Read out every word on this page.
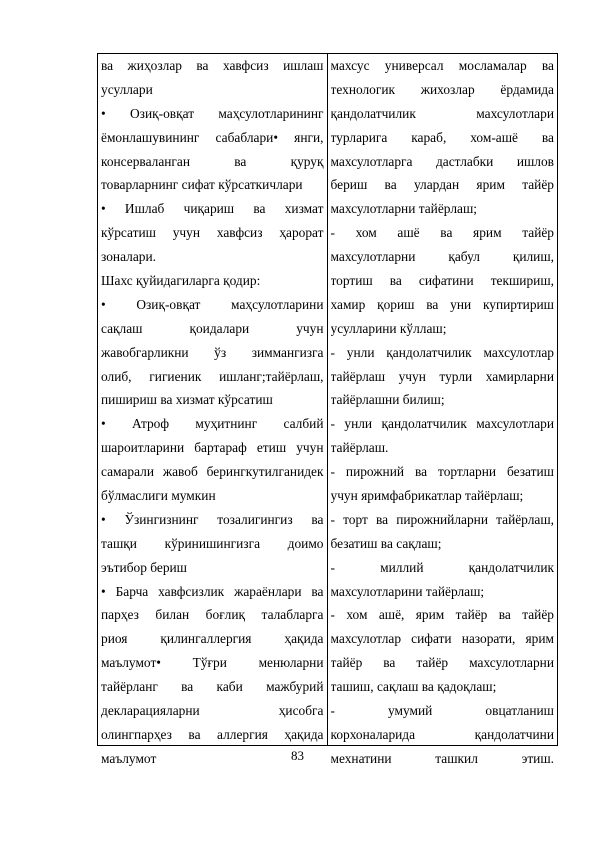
ва жиҳозлар ва хавфсиз ишлаш
усуллари
• Озиқ-овқат маҳсулотларининг
ёмонлашувининг сабаблари• янги,
консерваланган ва қуруқ
товарларнинг сифат кўрсаткичлари
• Ишлаб чиқариш ва хизмат
кўрсатиш учун хавфсиз ҳарорат
зоналари.
Шахс қуйидагиларга қодир:
• Озиқ-овқат маҳсулотларини
сақлаш қоидалари учун
жавобгарликни ўз зиммангизга
олиб, гигиеник ишланг;тайёрлаш,
пишириш ва хизмат кўрсатиш
• Атроф муҳитнинг салбий
шароитларини бартараф етиш учун
самарали жавоб берингкутилганидек
бўлмаслиги мумкин
• Ўзингизнинг тозалигингиз ва
ташқи кўринишингизга доимо
эътибор бериш
• Барча хавфсизлик жараёнлари ва
парҳез билан боғлиқ талабларга
риоя қилингаллергия ҳақида
маълумот• Тўғри менюларни
тайёрланг ва каби мажбурий
декларацияларни ҳисобга
олингпарҳез ва аллергия ҳақида
маълумот
махсус универсал мосламалар ва
технологик жихозлар ёрдамида
қандолатчилик махсулотлари
турларига караб, хом-ашё ва
махсулотларга дастлабки ишлов
бериш ва улардан ярим тайёр
махсулотларни тайёрлаш;
- хом ашё ва ярим тайёр
махсулотларни қабул қилиш,
тортиш ва сифатини текшириш,
хамир қориш ва уни купиртириш
усулларини кўллаш;
- унли қандолатчилик махсулотлар
тайёрлаш учун турли хамирларни
тайёрлашни билиш;
- унли қандолатчилик махсулотлари
тайёрлаш.
- пирожний ва тортларни безатиш
учун яримфабрикатлар тайёрлаш;
- торт ва пирожнийларни тайёрлаш,
безатиш ва сақлаш;
- миллий қандолатчилик
махсулотларини тайёрлаш;
- хом ашё, ярим тайёр ва тайёр
махсулотлар сифати назорати, ярим
тайёр ва тайёр махсулотларни
ташиш, сақлаш ва қадоқлаш;
- умумий овцатланиш
корхоналарида қандолатчини
мехнатини ташкил этиш.
83
